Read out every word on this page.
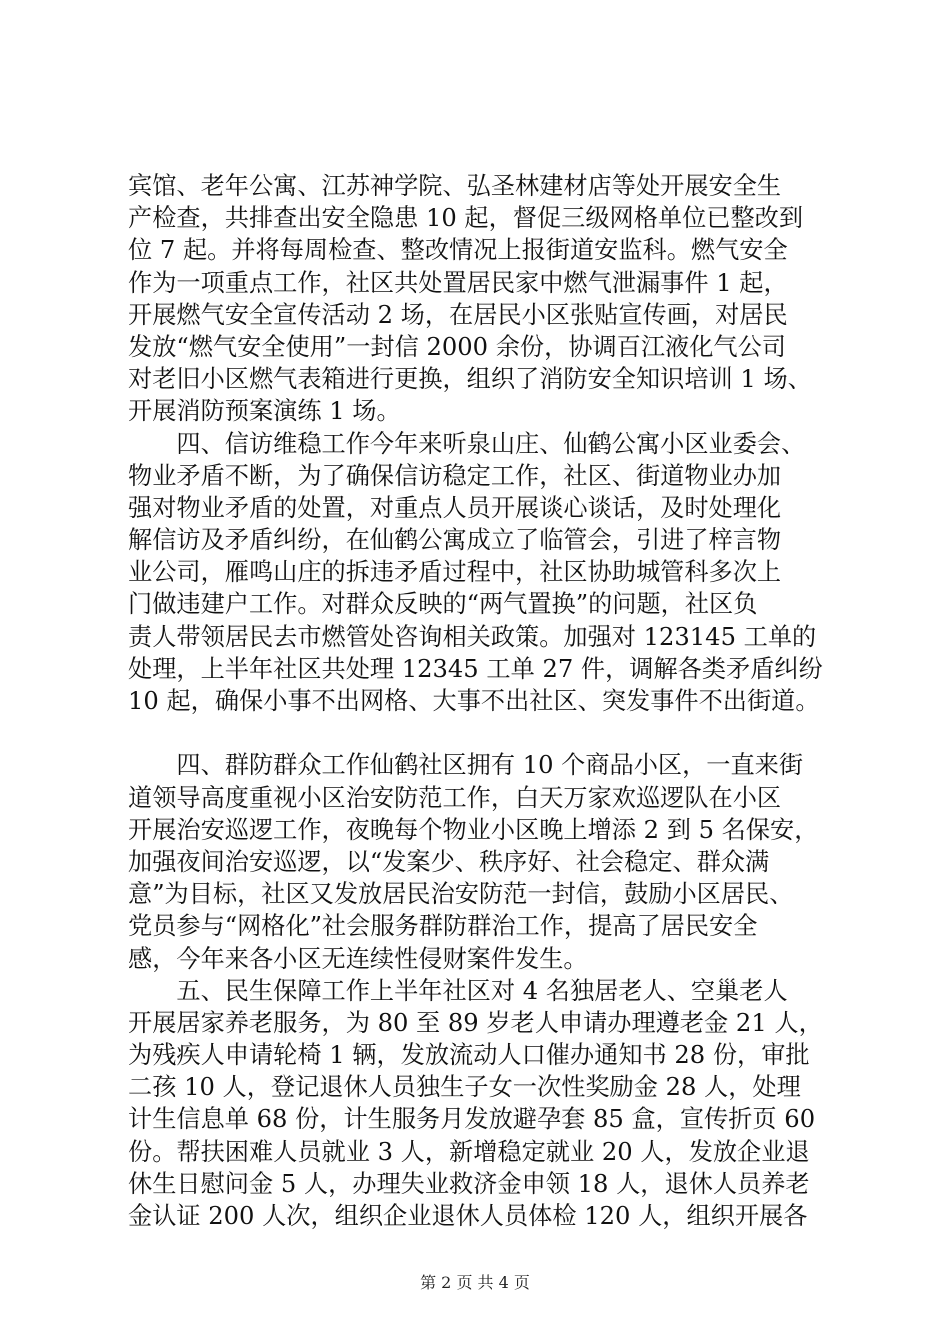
宾馆、老年公寓、江苏神学院、弘圣林建材店等处开展安全生
产检查，共排查出安全隐患 10 起，督促三级网格单位已整改到
位 7 起。并将每周检查、整改情况上报街道安监科。燃气安全
作为一项重点工作，社区共处置居民家中燃气泄漏事件 1 起，
开展燃气安全宣传活动 2 场，在居民小区张贴宣传画，对居民
发放“燃气安全使用”一封信 2000 余份，协调百江液化气公司
对老旧小区燃气表箱进行更换，组织了消防安全知识培训 1 场、
开展消防预案演练 1 场。
　　四、信访维稳工作今年来听泉山庄、仙鹤公寓小区业委会、
物业矛盾不断，为了确保信访稳定工作，社区、街道物业办加
强对物业矛盾的处置，对重点人员开展谈心谈话，及时处理化
解信访及矛盾纠纷，在仙鹤公寓成立了临管会，引进了梓言物
业公司，雁鸣山庄的拆违矛盾过程中，社区协助城管科多次上
门做违建户工作。对群众反映的“两气置换”的问题，社区负
责人带领居民去市燃管处咨询相关政策。加强对 123145 工单的
处理，上半年社区共处理 12345 工单 27 件，调解各类矛盾纠纷
10 起，确保小事不出网格、大事不出社区、突发事件不出街道。
　　四、群防群众工作仙鹤社区拥有 10 个商品小区，一直来街
道领导高度重视小区治安防范工作，白天万家欢巡逻队在小区
开展治安巡逻工作，夜晚每个物业小区晚上增添 2 到 5 名保安，
加强夜间治安巡逻，以“发案少、秩序好、社会稳定、群众满
意”为目标，社区又发放居民治安防范一封信，鼓励小区居民、
党员参与“网格化”社会服务群防群治工作，提高了居民安全
感，今年来各小区无连续性侵财案件发生。
　　五、民生保障工作上半年社区对 4 名独居老人、空巢老人
开展居家养老服务，为 80 至 89 岁老人申请办理遵老金 21 人，
为残疾人申请轮椅 1 辆，发放流动人口催办通知书 28 份，审批
二孩 10 人，登记退休人员独生子女一次性奖励金 28 人，处理
计生信息单 68 份，计生服务月发放避孕套 85 盒，宣传折页 60
份。帮扶困难人员就业 3 人，新增稳定就业 20 人，发放企业退
休生日慰问金 5 人，办理失业救济金申领 18 人，退休人员养老
金认证 200 人次，组织企业退休人员体检 120 人，组织开展各
第 2 页 共 4 页
